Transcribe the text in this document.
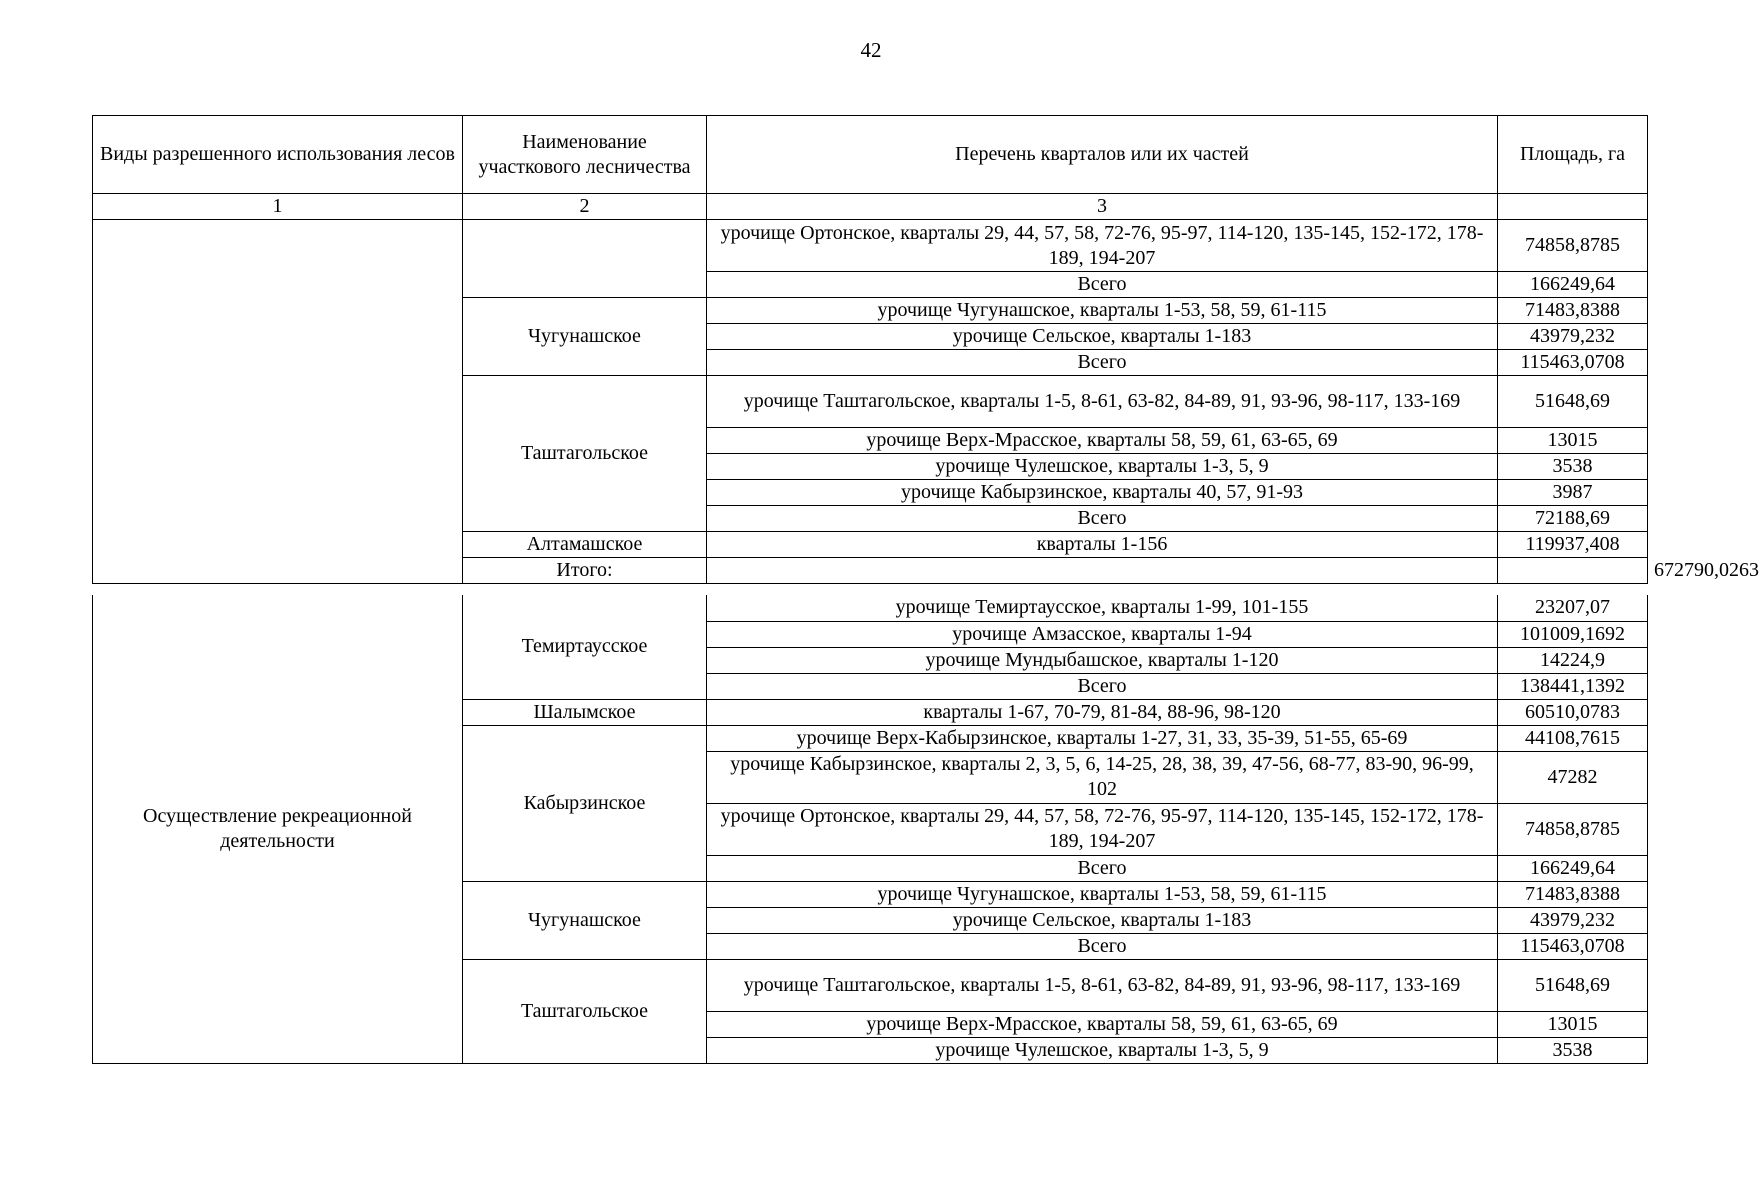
42
Виды разрешенного использования лесов	Наименование участкового лесничества	Перечень кварталов или их частей	Площадь, га	
1	2	3		
		урочище Ортонское, кварталы 29, 44, 57, 58, 72-76, 95-97, 114-120, 135-145, 152-172, 178-189, 194-207	74858,8785	
		Всего	166249,64	
	Чугунашское	урочище Чугунашское, кварталы 1-53, 58, 59, 61-115	71483,8388	
		урочище Сельское, кварталы 1-183	43979,232	
		Всего	115463,0708	
	Таштагольское	урочище Таштагольское, кварталы 1-5, 8-61, 63-82, 84-89, 91, 93-96, 98-117, 133-169	51648,69	
		урочище Верх-Мрасское, кварталы 58, 59, 61, 63-65, 69	13015	
		урочище Чулешское, кварталы 1-3, 5, 9	3538	
		урочище Кабырзинское, кварталы 40, 57, 91-93	3987	
		Всего	72188,69	
	Алтамашское	кварталы 1-156	119937,408	
	Итого:			672790,0263
Осуществление рекреационной деятельности	Темиртаусское	урочище Темиртаусское, кварталы 1-99, 101-155	23207,07
		урочище Амзасское, кварталы 1-94	101009,1692
		урочище Мундыбашское, кварталы 1-120	14224,9
		Всего	138441,1392
	Шалымское	кварталы 1-67, 70-79, 81-84, 88-96, 98-120	60510,0783
	Кабырзинское	урочище Верх-Кабырзинское, кварталы 1-27, 31, 33, 35-39, 51-55, 65-69	44108,7615
		урочище Кабырзинское, кварталы 2, 3, 5, 6, 14-25, 28, 38, 39, 47-56, 68-77, 83-90, 96-99, 102	47282
		урочище Ортонское, кварталы 29, 44, 57, 58, 72-76, 95-97, 114-120, 135-145, 152-172, 178-189, 194-207	74858,8785
		Всего	166249,64
	Чугунашское	урочище Чугунашское, кварталы 1-53, 58, 59, 61-115	71483,8388
		урочище Сельское, кварталы 1-183	43979,232
		Всего	115463,0708
	Таштагольское	урочище Таштагольское, кварталы 1-5, 8-61, 63-82, 84-89, 91, 93-96, 98-117, 133-169	51648,69
		урочище Верх-Мрасское, кварталы 58, 59, 61, 63-65, 69	13015
		урочище Чулешское, кварталы 1-3, 5, 9	3538
